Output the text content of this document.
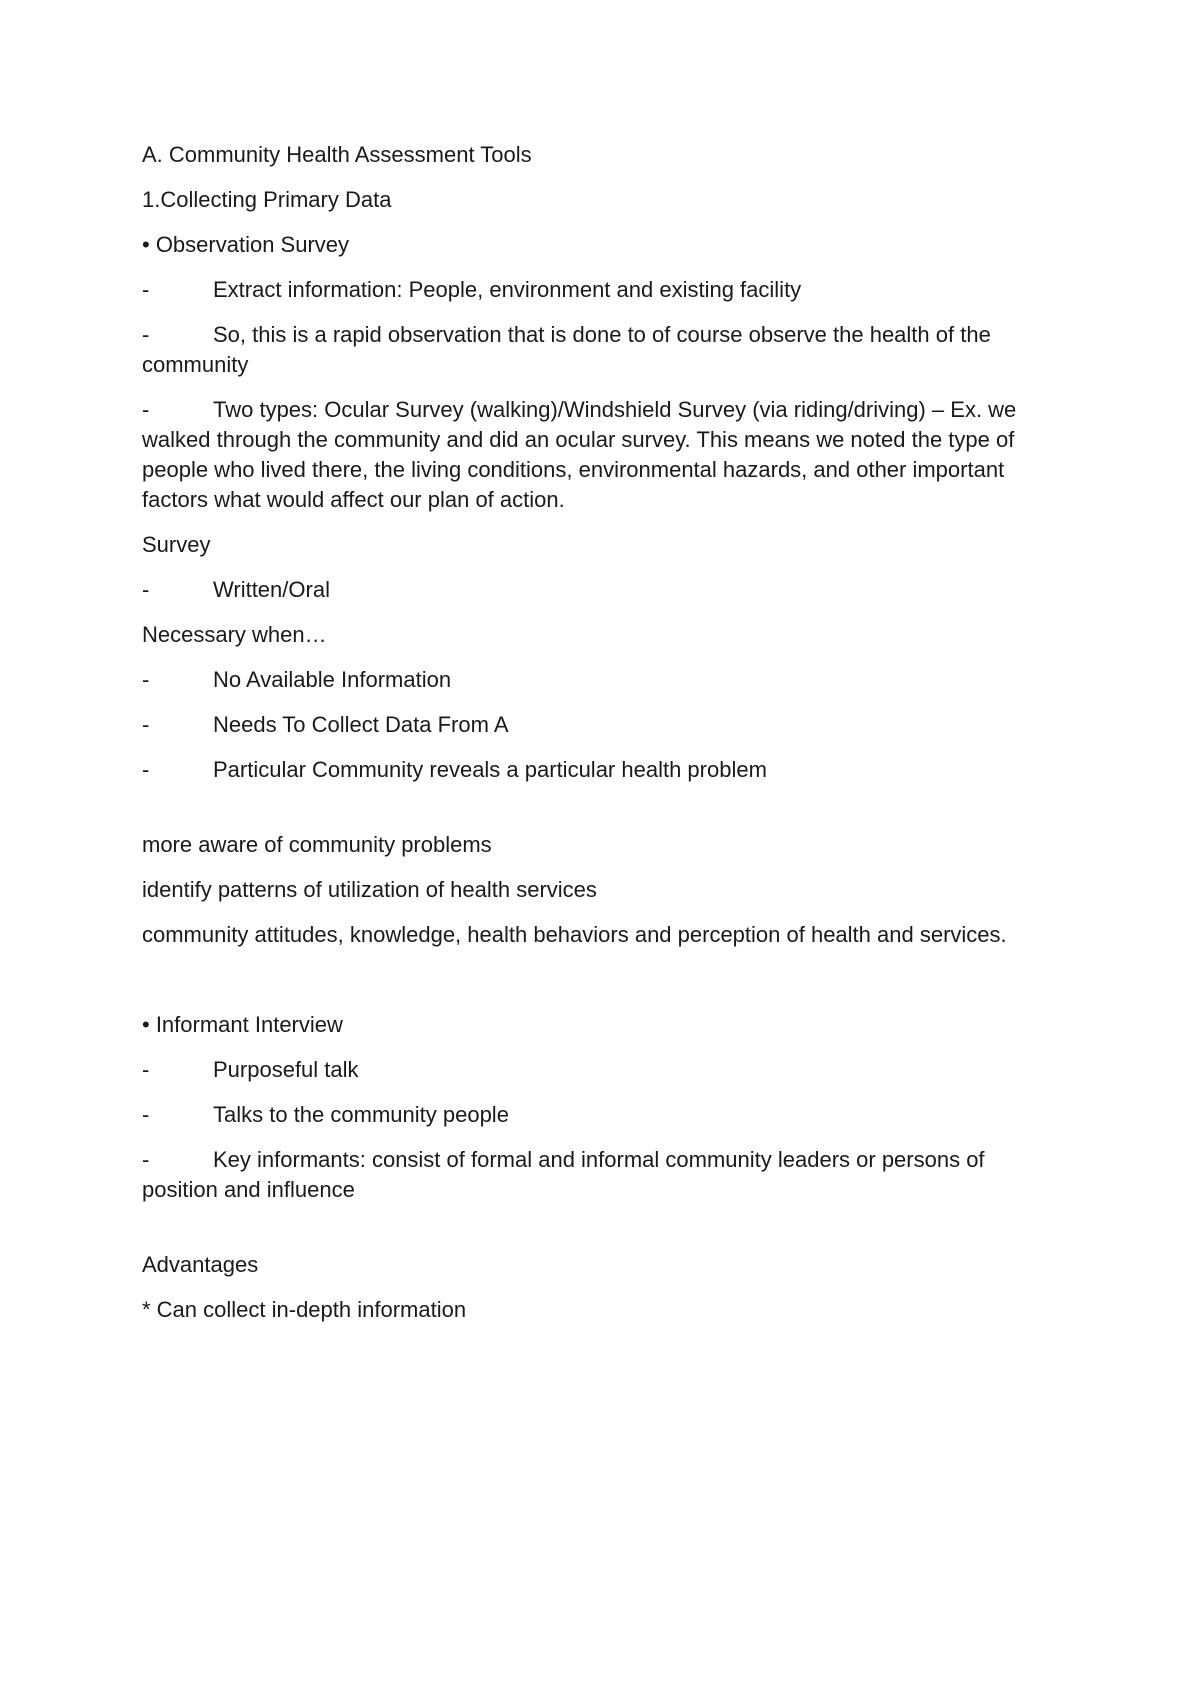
A. Community Health Assessment Tools

1.Collecting Primary Data

• Observation Survey

-	Extract information: People, environment and existing facility

-	So, this is a rapid observation that is done to of course observe the health of the community

-	Two types: Ocular Survey (walking)/Windshield Survey (via riding/driving) – Ex. we walked through the community and did an ocular survey. This means we noted the type of people who lived there, the living conditions, environmental hazards, and other important factors what would affect our plan of action.

Survey

-	Written/Oral

Necessary when…

-	No Available Information

-	Needs To Collect Data From A

-	Particular Community reveals a particular health problem

more aware of community problems

identify patterns of utilization of health services

community attitudes, knowledge, health behaviors and perception of health and services.

• Informant Interview

-	Purposeful talk

-	Talks to the community people

-	Key informants: consist of formal and informal community leaders or persons of position and influence

Advantages

* Can collect in-depth information
